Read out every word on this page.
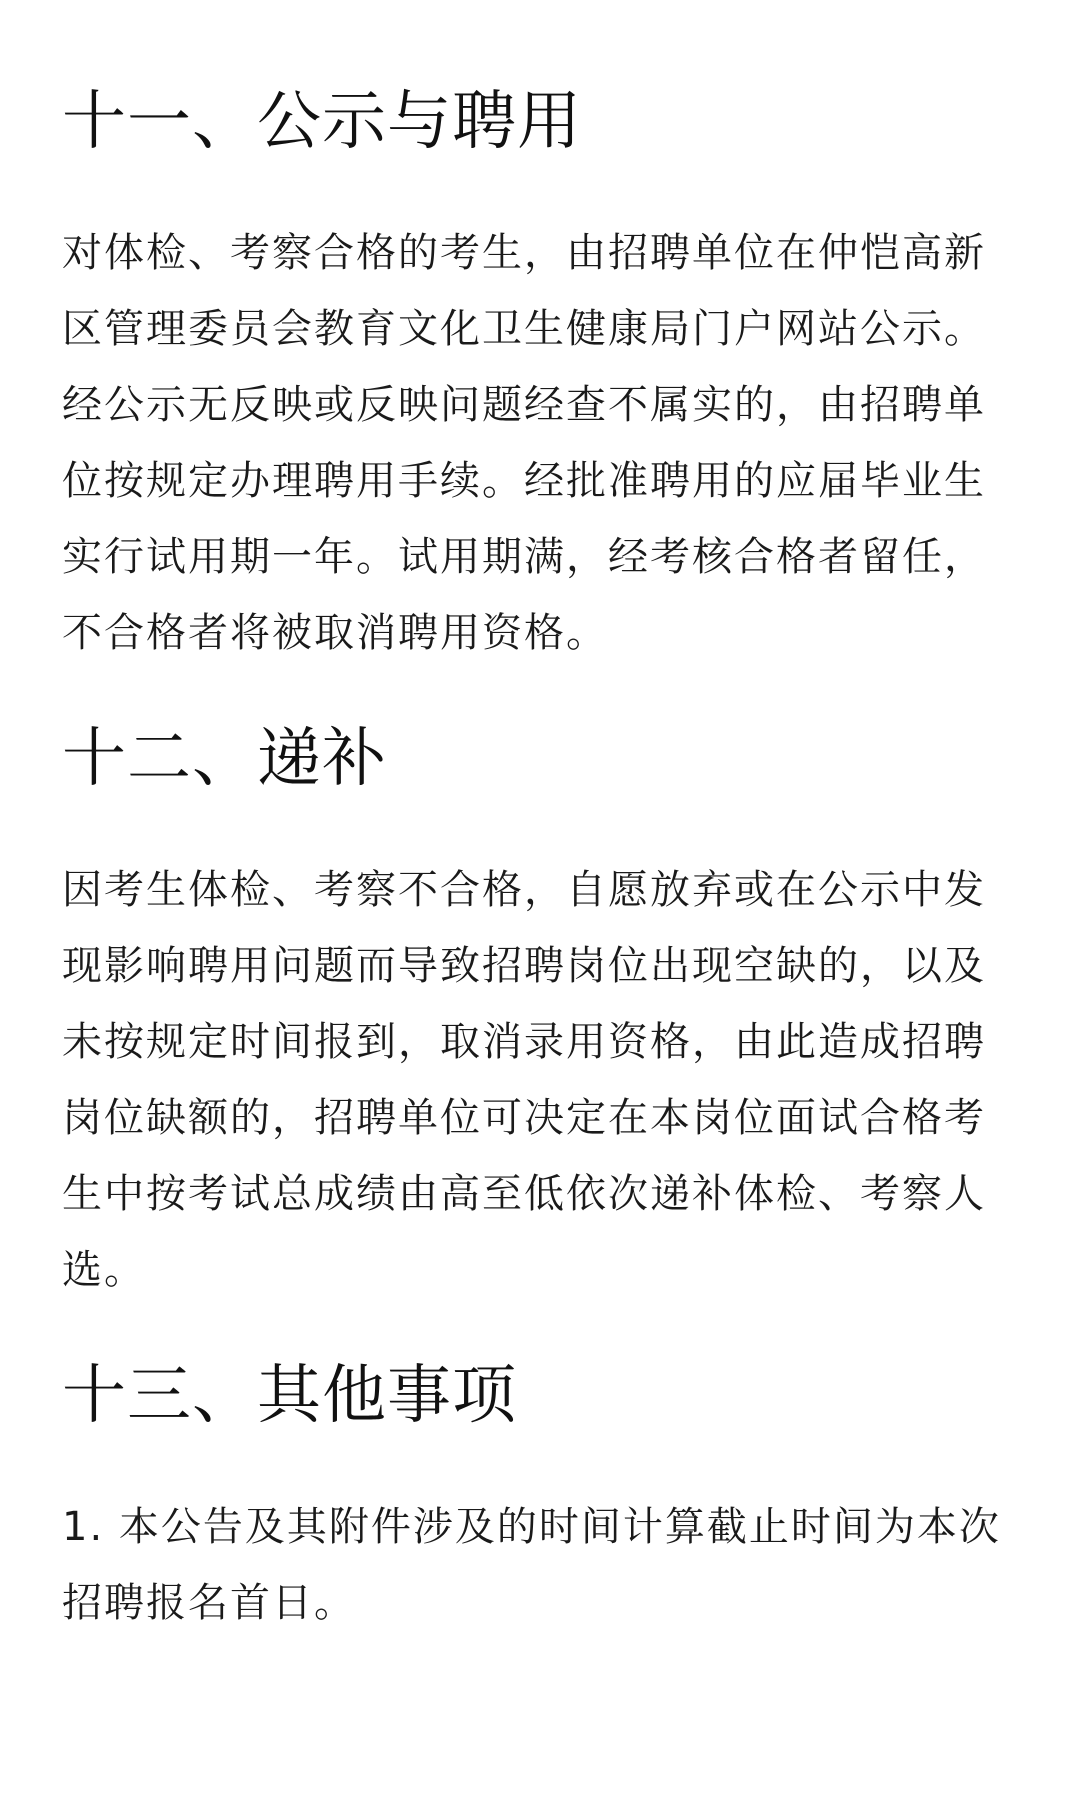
十一、公示与聘用

对体检、考察合格的考生，由招聘单位在仲恺高新区管理委员会教育文化卫生健康局门户网站公示。经公示无反映或反映问题经查不属实的，由招聘单位按规定办理聘用手续。经批准聘用的应届毕业生实行试用期一年。试用期满，经考核合格者留任，不合格者将被取消聘用资格。

十二、递补

因考生体检、考察不合格，自愿放弃或在公示中发现影响聘用问题而导致招聘岗位出现空缺的，以及未按规定时间报到，取消录用资格，由此造成招聘岗位缺额的，招聘单位可决定在本岗位面试合格考生中按考试总成绩由高至低依次递补体检、考察人选。

十三、其他事项

1. 本公告及其附件涉及的时间计算截止时间为本次招聘报名首日。
